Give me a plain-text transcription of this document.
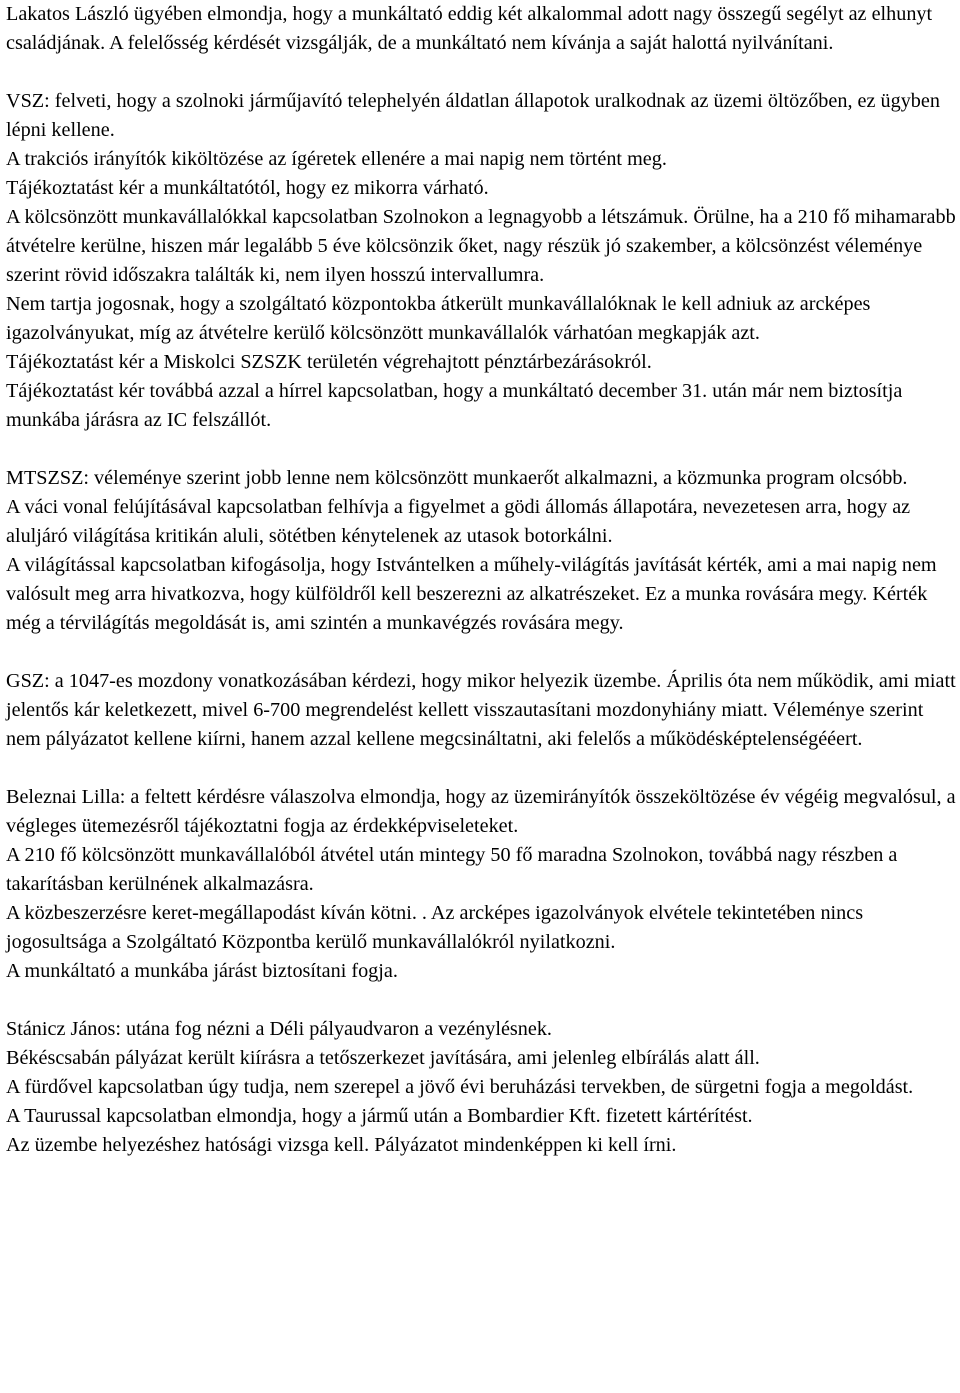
Lakatos László ügyében elmondja, hogy a munkáltató eddig két alkalommal adott nagy összegű segélyt az elhunyt családjának. A felelősség kérdését vizsgálják, de a munkáltató nem kívánja a saját halottá nyilvánítani.

VSZ: felveti, hogy a szolnoki járműjavító telephelyén áldatlan állapotok uralkodnak az üzemi öltözőben, ez ügyben lépni kellene.

A trakciós irányítók kiköltözése az ígéretek ellenére a mai napig nem történt meg.

Tájékoztatást kér a munkáltatótól, hogy ez mikorra várható.

A kölcsönzött munkavállalókkal kapcsolatban Szolnokon a legnagyobb a létszámuk. Örülne, ha a 210 fő mihamarabb átvételre kerülne, hiszen már legalább 5 éve kölcsönzik őket, nagy részük jó szakember, a kölcsönzést véleménye szerint rövid időszakra találták ki, nem ilyen hosszú intervallumra.

Nem tartja jogosnak, hogy a szolgáltató központokba átkerült munkavállalóknak le kell adniuk az arcképes igazolványukat, míg az átvételre kerülő kölcsönzött munkavállalók várhatóan megkapják azt.

Tájékoztatást kér a Miskolci SZSZK területén végrehajtott pénztárbezárásokról.

Tájékoztatást kér továbbá azzal a hírrel kapcsolatban, hogy a munkáltató december 31. után már nem biztosítja munkába járásra az IC felszállót.

MTSZSZ: véleménye szerint jobb lenne nem kölcsönzött munkaerőt alkalmazni, a közmunka program olcsóbb.

A váci vonal felújításával kapcsolatban felhívja a figyelmet a gödi állomás állapotára, nevezetesen arra, hogy az aluljáró világítása kritikán aluli, sötétben kénytelenek az utasok botorkálni.

A világítással kapcsolatban kifogásolja, hogy Istvántelken a műhely-világítás javítását kérték, ami a mai napig nem valósult meg arra hivatkozva, hogy külföldről kell beszerezni az alkatrészeket. Ez a munka rovására megy. Kérték még a térvilágítás megoldását is, ami szintén a munkavégzés rovására megy.

GSZ: a 1047-es mozdony vonatkozásában kérdezi, hogy mikor helyezik üzembe. Április óta nem működik, ami miatt jelentős kár keletkezett, mivel 6-700 megrendelést kellett visszautasítani mozdonyhiány miatt. Véleménye szerint nem pályázatot kellene kiírni, hanem azzal kellene megcsináltatni, aki felelős a működésképtelenségééert.

Beleznai Lilla: a feltett kérdésre válaszolva elmondja, hogy az üzemirányítók összeköltözése év végéig megvalósul, a végleges ütemezésről tájékoztatni fogja az érdekképviseleteket.

A 210 fő kölcsönzött munkavállalóból átvétel után mintegy 50 fő maradna Szolnokon, továbbá nagy részben a takarításban kerülnének alkalmazásra.

A közbeszerzésre keret-megállapodást kíván kötni. . Az arcképes igazolványok elvétele tekintetében nincs jogosultsága a Szolgáltató Központba kerülő munkavállalókról nyilatkozni.

A munkáltató a munkába járást biztosítani fogja.

Stánicz János: utána fog nézni a Déli pályaudvaron a vezénylésnek.

Békéscsabán pályázat került kiírásra a tetőszerkezet javítására, ami jelenleg elbírálás alatt áll.

A fürdővel kapcsolatban úgy tudja, nem szerepel a jövő évi beruházási tervekben, de sürgetni fogja a megoldást.

A Taurussal kapcsolatban elmondja, hogy a jármű után a Bombardier Kft. fizetett kártérítést.

Az üzembe helyezéshez hatósági vizsga kell. Pályázatot mindenképpen ki kell írni.
